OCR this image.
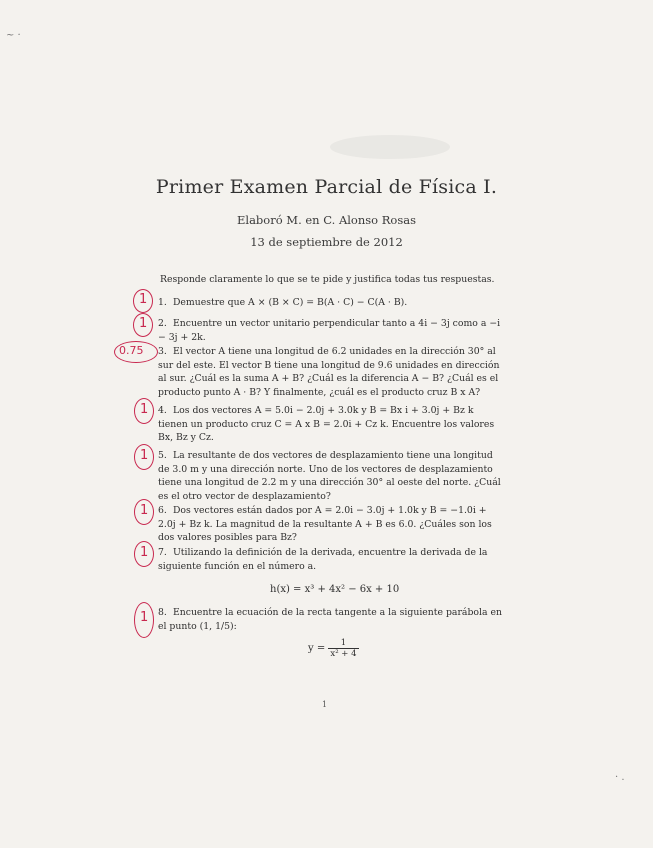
~ ·
· .
Primer Examen Parcial de Física I.
Elaboró M. en C. Alonso Rosas
13 de septiembre de 2012
Responde claramente lo que se te pide y justifica todas tus respuestas.
1. Demuestre que A × (B × C) = B(A · C) − C(A · B).
1
2. Encuentre un vector unitario perpendicular tanto a 4i − 3j como a −i − 3j + 2k.
1
3. El vector A tiene una longitud de 6.2 unidades en la dirección 30° al sur del este. El vector B tiene una longitud de 9.6 unidades en dirección al sur. ¿Cuál es la suma A + B? ¿Cuál es la diferencia A − B? ¿Cuál es el producto punto A · B? Y finalmente, ¿cuál es el producto cruz B x A?
0.75
4. Los dos vectores A = 5.0i − 2.0j + 3.0k y B = Bx i + 3.0j + Bz k tienen un producto cruz C = A x B = 2.0i + Cz k. Encuentre los valores Bx, Bz y Cz.
1
5. La resultante de dos vectores de desplazamiento tiene una longitud de 3.0 m y una dirección norte. Uno de los vectores de desplazamiento tiene una longitud de 2.2 m y una dirección 30° al oeste del norte. ¿Cuál es el otro vector de desplazamiento?
1
6. Dos vectores están dados por A = 2.0i − 3.0j + 1.0k y B = −1.0i + 2.0j + Bz k. La magnitud de la resultante A + B es 6.0. ¿Cuáles son los dos valores posibles para Bz?
1
7. Utilizando la definición de la derivada, encuentre la derivada de la siguiente función en el número a.
1
h(x) = x³ + 4x² − 6x + 10
8. Encuentre la ecuación de la recta tangente a la siguiente parábola en el punto (1, 1/5):
1
$y = \frac{1}{\text{x² + 4}}$
1
